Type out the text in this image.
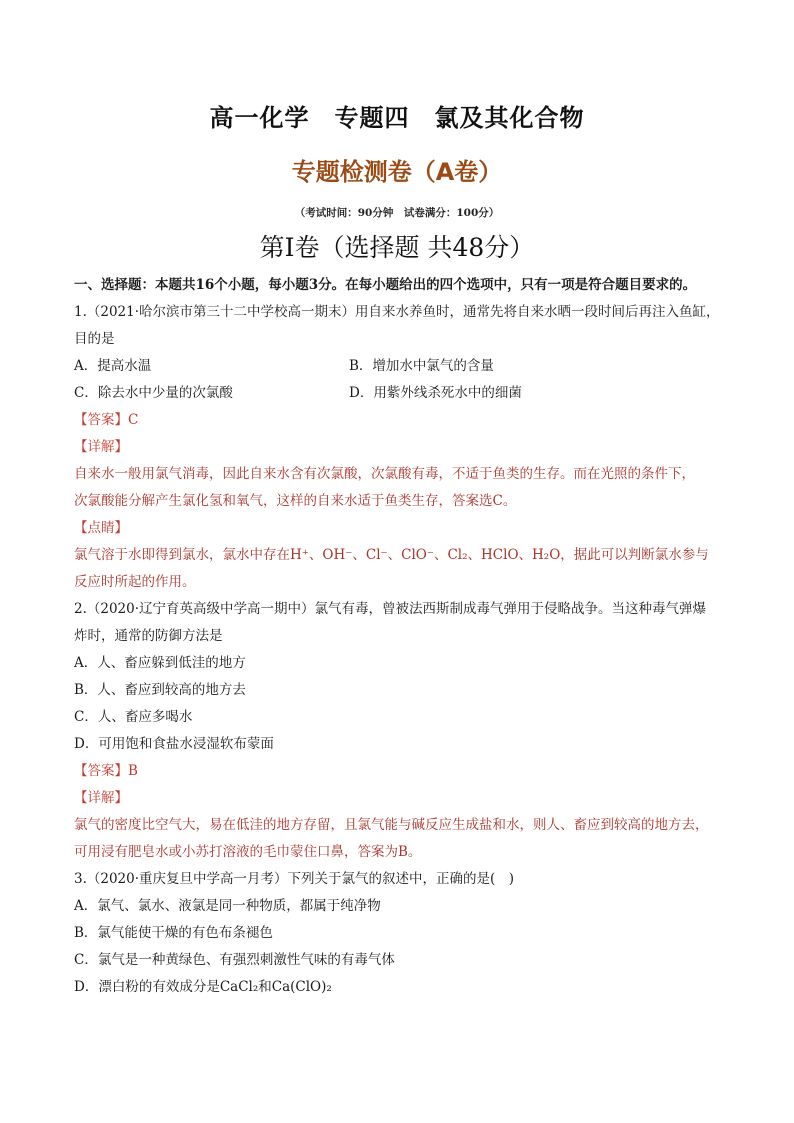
高一化学　专题四　氯及其化合物
专题检测卷（A卷）
（考试时间：90分钟　试卷满分：100分）
第Ⅰ卷（选择题 共48分）
一、选择题：本题共16个小题，每小题3分。在每小题给出的四个选项中，只有一项是符合题目要求的。
1.（2021·哈尔滨市第三十二中学校高一期末）用自来水养鱼时，通常先将自来水晒一段时间后再注入鱼缸，
目的是
A．提高水温	B．增加水中氯气的含量
C．除去水中少量的次氯酸	D．用紫外线杀死水中的细菌
【答案】C
【详解】
自来水一般用氯气消毒，因此自来水含有次氯酸，次氯酸有毒，不适于鱼类的生存。而在光照的条件下，
次氯酸能分解产生氯化氢和氧气，这样的自来水适于鱼类生存，答案选C。
【点睛】
氯气溶于水即得到氯水，氯水中存在H⁺、OH⁻、Cl⁻、ClO⁻、Cl₂、HClO、H₂O，据此可以判断氯水参与
反应时所起的作用。
2.（2020·辽宁育英高级中学高一期中）氯气有毒，曾被法西斯制成毒气弹用于侵略战争。当这种毒气弹爆
炸时，通常的防御方法是
A．人、畜应躲到低洼的地方
B．人、畜应到较高的地方去
C．人、畜应多喝水
D．可用饱和食盐水浸湿软布蒙面
【答案】B
【详解】
氯气的密度比空气大，易在低洼的地方存留，且氯气能与碱反应生成盐和水，则人、畜应到较高的地方去，
可用浸有肥皂水或小苏打溶液的毛巾蒙住口鼻，答案为B。
3.（2020·重庆复旦中学高一月考）下列关于氯气的叙述中，正确的是(　)
A．氯气、氯水、液氯是同一种物质，都属于纯净物
B．氯气能使干燥的有色布条褪色
C．氯气是一种黄绿色、有强烈刺激性气味的有毒气体
D．漂白粉的有效成分是CaCl₂和Ca(ClO)₂
